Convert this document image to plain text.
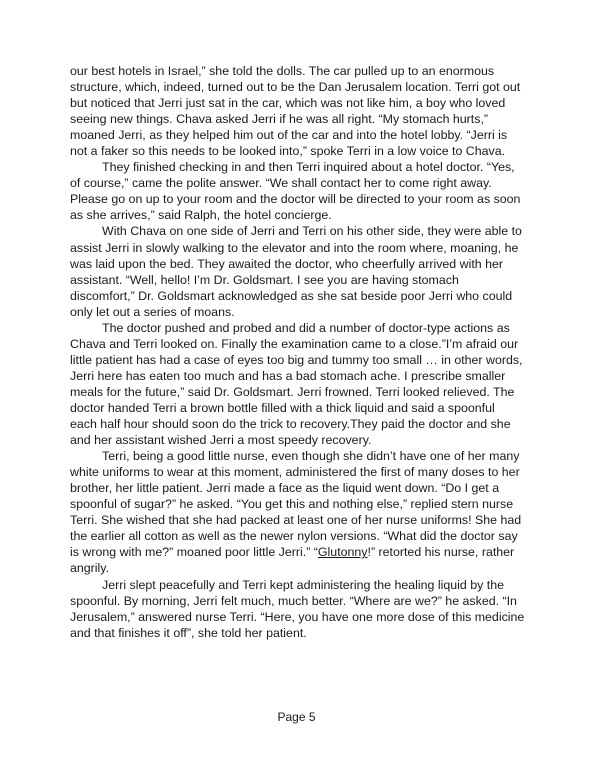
our best hotels in Israel,” she told the dolls. The car pulled up to an enormous structure, which, indeed, turned out to be the Dan Jerusalem location. Terri got out but noticed that Jerri just sat in the car, which was not like him, a boy who loved seeing new things. Chava asked Jerri if he was all right. “My stomach hurts,” moaned Jerri, as they helped him out of the car and into the hotel lobby. “Jerri is not a faker so this needs to be looked into,” spoke Terri in a low voice to Chava.

They finished checking in and then Terri inquired about a hotel doctor. “Yes, of course,” came the polite answer. “We shall contact her to come right away. Please go on up to your room and the doctor will be directed to your room as soon as she arrives,” said Ralph, the hotel concierge.

With Chava on one side of Jerri and Terri on his other side, they were able to assist Jerri in slowly walking to the elevator and into the room where, moaning, he was laid upon the bed. They awaited the doctor, who cheerfully arrived with her assistant. “Well, hello! I’m Dr. Goldsmart. I see you are having stomach discomfort,” Dr. Goldsmart acknowledged as she sat beside poor Jerri who could only let out a series of moans.

The doctor pushed and probed and did a number of doctor-type actions as Chava and Terri looked on. Finally the examination came to a close.”I’m afraid our little patient has had a case of eyes too big and tummy too small … in other words, Jerri here has eaten too much and has a bad stomach ache. I prescribe smaller meals for the future,” said Dr. Goldsmart. Jerri frowned. Terri looked relieved. The doctor handed Terri a brown bottle filled with a thick liquid and said a spoonful each half hour should soon do the trick to recovery.They paid the doctor and she and her assistant wished Jerri a most speedy recovery.

Terri, being a good little nurse, even though she didn’t have one of her many white uniforms to wear at this moment, administered the first of many doses to her brother, her little patient. Jerri made a face as the liquid went down. “Do I get a spoonful of sugar?” he asked. “You get this and nothing else,” replied stern nurse Terri. She wished that she had packed at least one of her nurse uniforms! She had the earlier all cotton as well as the newer nylon versions. “What did the doctor say is wrong with me?” moaned poor little Jerri.” “Glutonny!” retorted his nurse, rather angrily.

Jerri slept peacefully and Terri kept administering the healing liquid by the spoonful. By morning, Jerri felt much, much better. “Where are we?” he asked. “In Jerusalem,” answered nurse Terri. “Here, you have one more dose of this medicine and that finishes it off”, she told her patient.

Page 5
